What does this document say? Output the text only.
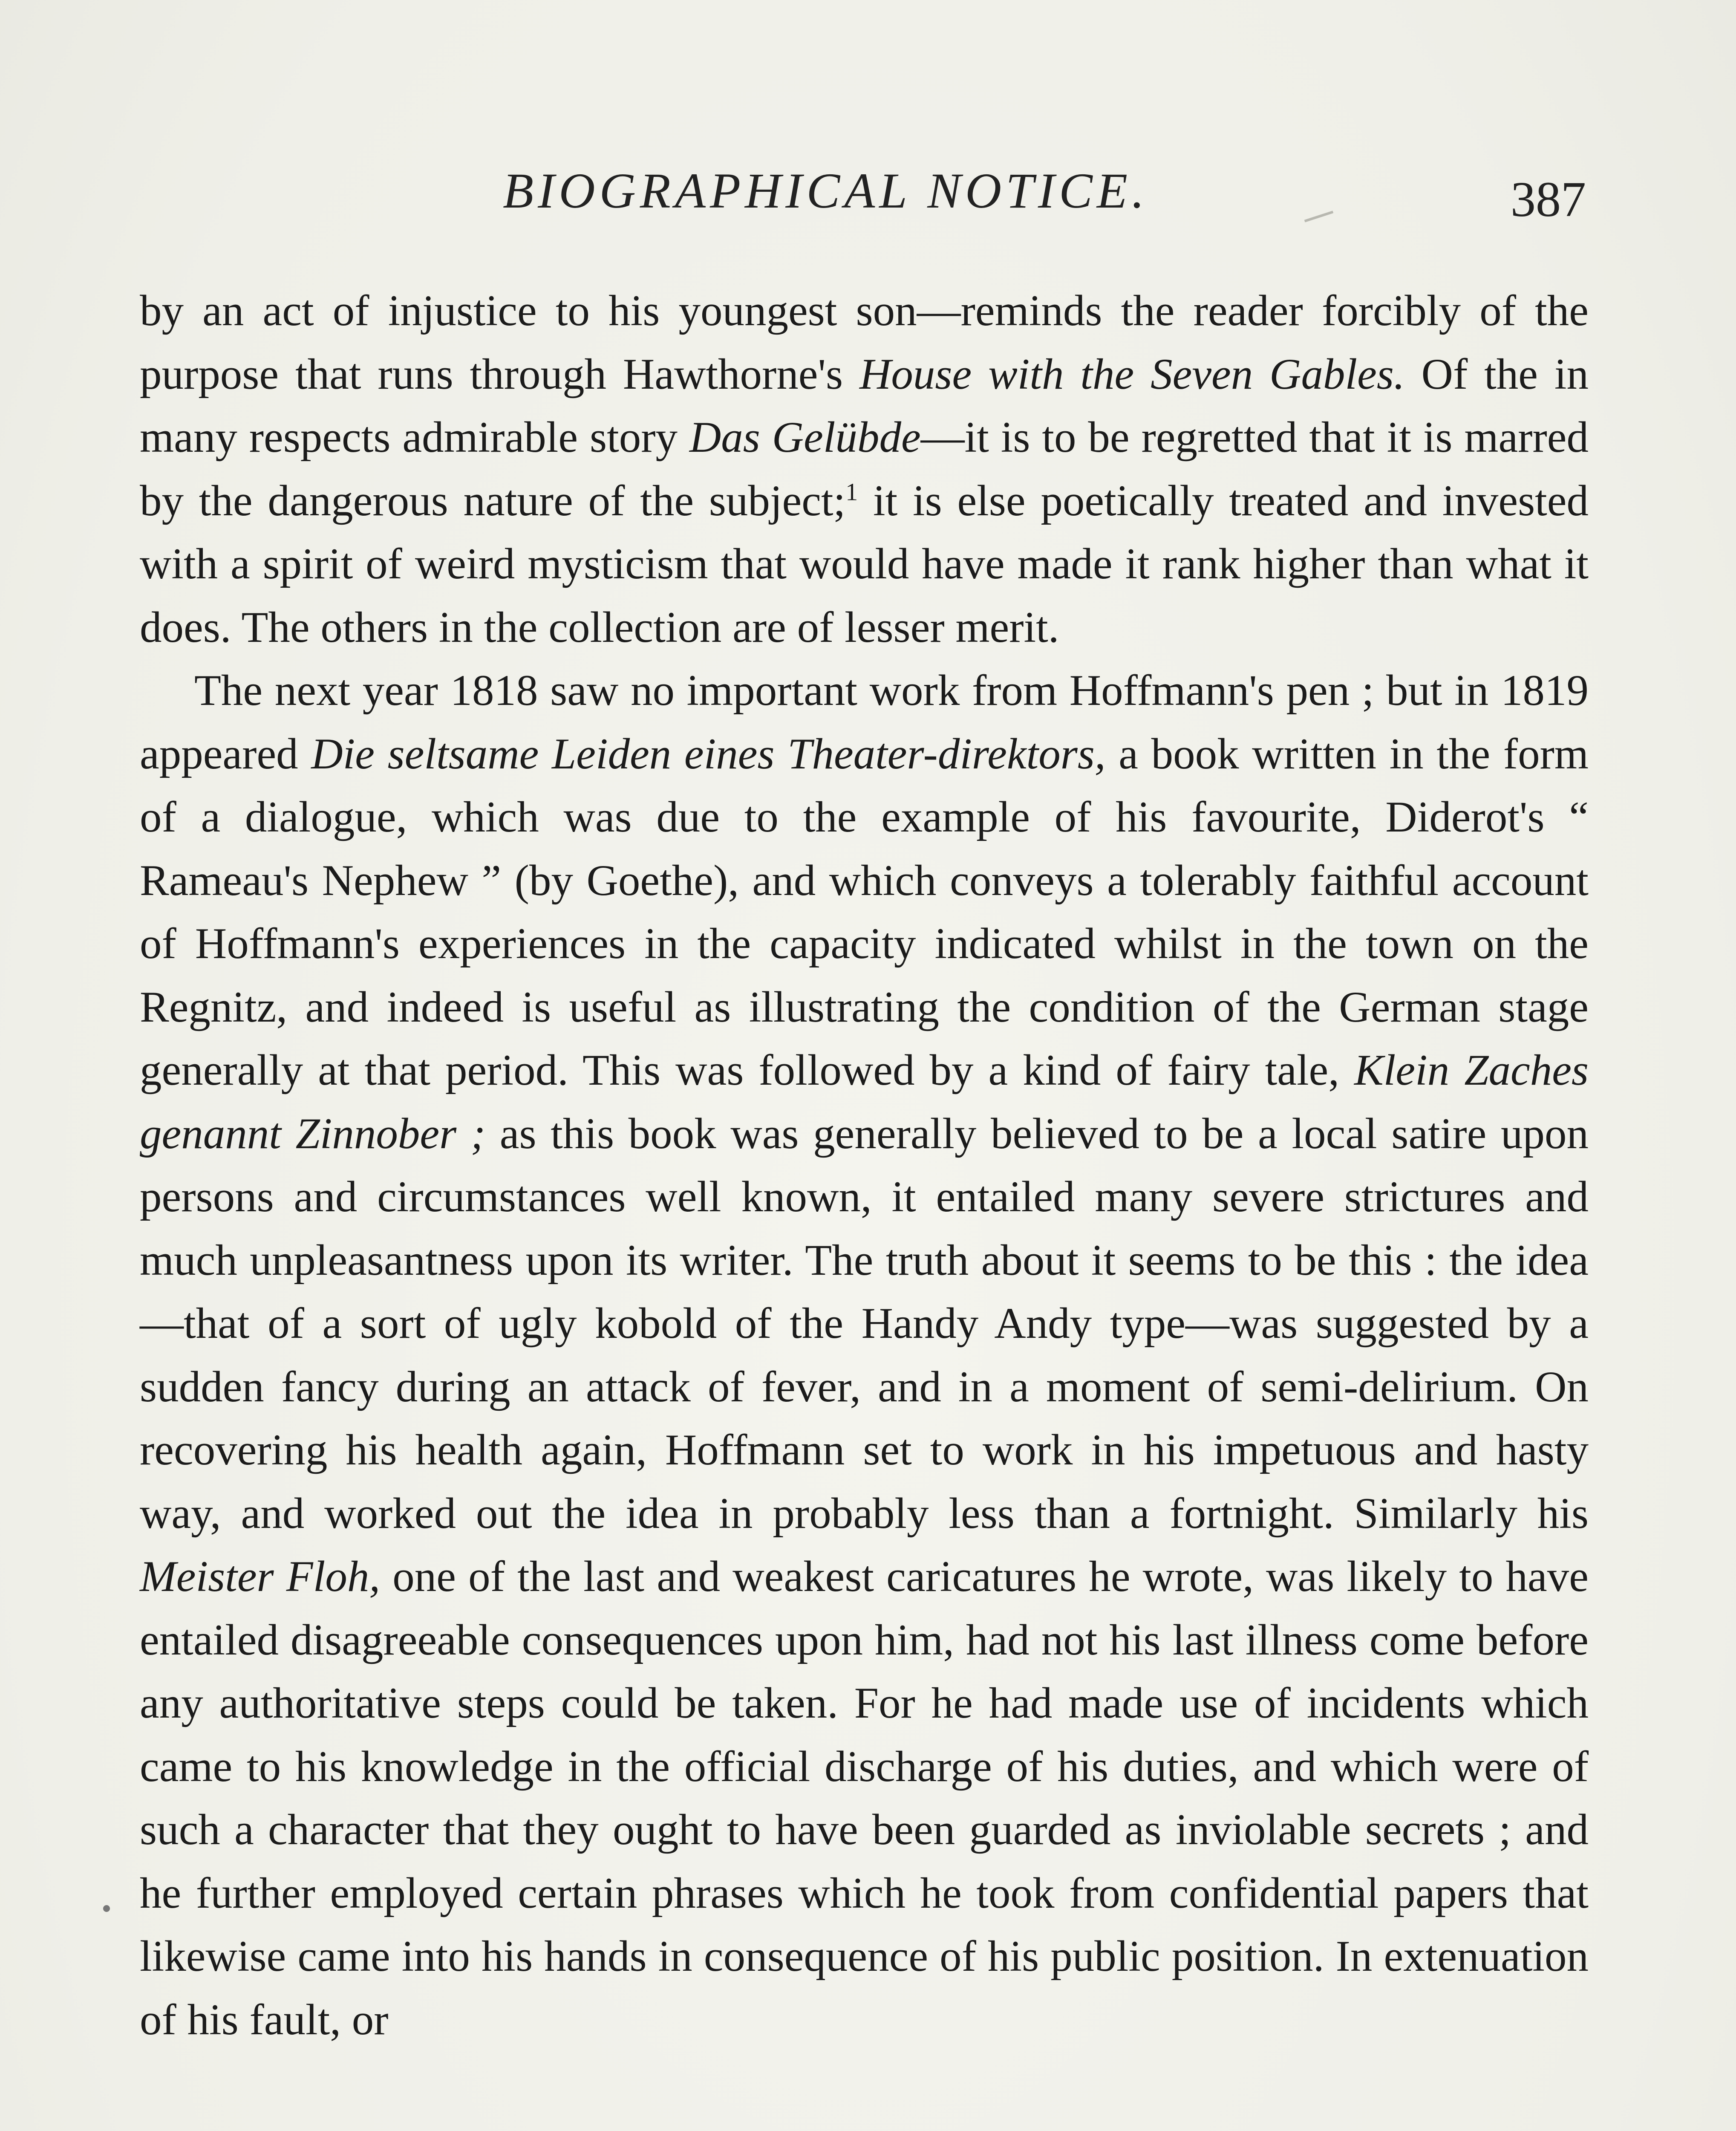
BIOGRAPHICAL NOTICE.	387

by an act of injustice to his youngest son—reminds the reader forcibly of the purpose that runs through Hawthorne's House with the Seven Gables. Of the in many respects admirable story Das Gelübde—it is to be regretted that it is marred by the dangerous nature of the subject;$^1$ it is else poetically treated and invested with a spirit of weird mysticism that would have made it rank higher than what it does. The others in the collection are of lesser merit.

The next year 1818 saw no important work from Hoffmann's pen ; but in 1819 appeared Die seltsame Leiden eines Theater-direktors, a book written in the form of a dialogue, which was due to the example of his favourite, Diderot's “ Rameau's Nephew ” (by Goethe), and which conveys a tolerably faithful account of Hoffmann's experiences in the capacity indicated whilst in the town on the Regnitz, and indeed is useful as illustrating the condition of the German stage generally at that period. This was followed by a kind of fairy tale, Klein Zaches genannt Zinnober ; as this book was generally believed to be a local satire upon persons and circumstances well known, it entailed many severe strictures and much unpleasantness upon its writer. The truth about it seems to be this : the idea—that of a sort of ugly kobold of the Handy Andy type—was suggested by a sudden fancy during an attack of fever, and in a moment of semi-delirium. On recovering his health again, Hoffmann set to work in his impetuous and hasty way, and worked out the idea in probably less than a fortnight. Similarly his Meister Floh, one of the last and weakest caricatures he wrote, was likely to have entailed disagreeable consequences upon him, had not his last illness come before any authoritative steps could be taken. For he had made use of incidents which came to his knowledge in the official discharge of his duties, and which were of such a character that they ought to have been guarded as inviolable secrets ; and he further employed certain phrases which he took from confidential papers that likewise came into his hands in consequence of his public position. In extenuation of his fault, or
